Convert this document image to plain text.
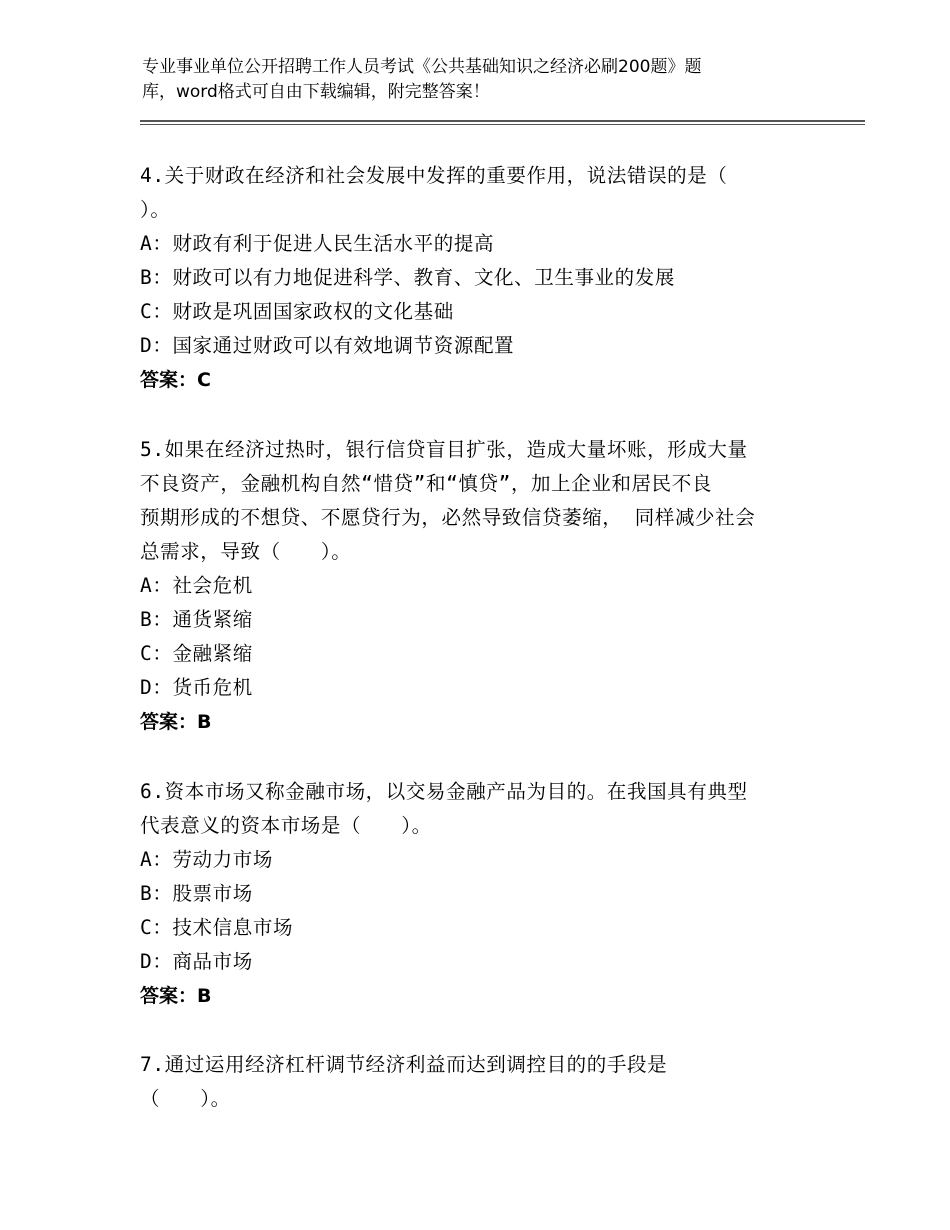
专业事业单位公开招聘工作人员考试《公共基础知识之经济必刷200题》题
库，word格式可自由下载编辑，附完整答案！
4.关于财政在经济和社会发展中发挥的重要作用，说法错误的是（
）。
A：财政有利于促进人民生活水平的提高
B：财政可以有力地促进科学、教育、文化、卫生事业的发展
C：财政是巩固国家政权的文化基础
D：国家通过财政可以有效地调节资源配置
答案：C
5.如果在经济过热时，银行信贷盲目扩张，造成大量坏账，形成大量
不良资产，金融机构自然“惜贷”和“慎贷”，加上企业和居民不良
预期形成的不想贷、不愿贷行为，必然导致信贷萎缩， 同样减少社会
总需求，导致（　　）。
A：社会危机
B：通货紧缩
C：金融紧缩
D：货币危机
答案：B
6.资本市场又称金融市场，以交易金融产品为目的。在我国具有典型
代表意义的资本市场是（　　）。
A：劳动力市场
B：股票市场
C：技术信息市场
D：商品市场
答案：B
7.通过运用经济杠杆调节经济利益而达到调控目的的手段是
（　　）。
